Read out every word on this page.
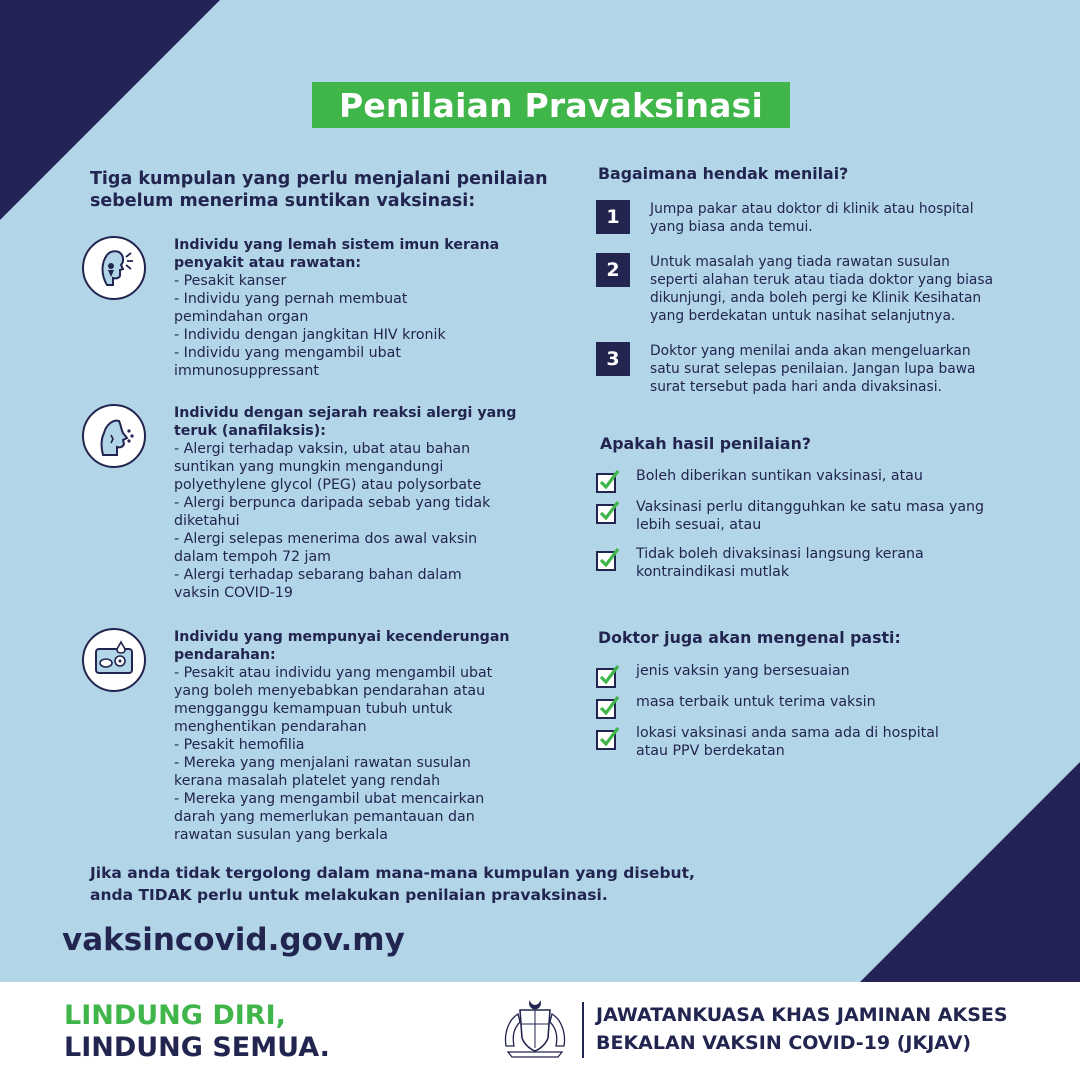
Penilaian Pravaksinasi
Tiga kumpulan yang perlu menjalani penilaian
sebelum menerima suntikan vaksinasi:
Individu yang lemah sistem imun kerana
penyakit atau rawatan:
- Pesakit kanser
- Individu yang pernah membuat
pemindahan organ
- Individu dengan jangkitan HIV kronik
- Individu yang mengambil ubat
immunosuppressant
Individu dengan sejarah reaksi alergi yang
teruk (anafilaksis):
- Alergi terhadap vaksin, ubat atau bahan
suntikan yang mungkin mengandungi
polyethylene glycol (PEG) atau polysorbate
- Alergi berpunca daripada sebab yang tidak
diketahui
- Alergi selepas menerima dos awal vaksin
dalam tempoh 72 jam
- Alergi terhadap sebarang bahan dalam
vaksin COVID-19
Individu yang mempunyai kecenderungan
pendarahan:
- Pesakit atau individu yang mengambil ubat
yang boleh menyebabkan pendarahan atau
mengganggu kemampuan tubuh untuk
menghentikan pendarahan
- Pesakit hemofilia
- Mereka yang menjalani rawatan susulan
kerana masalah platelet yang rendah
- Mereka yang mengambil ubat mencairkan
darah yang memerlukan pemantauan dan
rawatan susulan yang berkala
Jika anda tidak tergolong dalam mana-mana kumpulan yang disebut,
anda TIDAK perlu untuk melakukan penilaian pravaksinasi.
vaksincovid.gov.my
Bagaimana hendak menilai?
1	Jumpa pakar atau doktor di klinik atau hospital
yang biasa anda temui.
2	Untuk masalah yang tiada rawatan susulan
seperti alahan teruk atau tiada doktor yang biasa
dikunjungi, anda boleh pergi ke Klinik Kesihatan
yang berdekatan untuk nasihat selanjutnya.
3	Doktor yang menilai anda akan mengeluarkan
satu surat selepas penilaian. Jangan lupa bawa
surat tersebut pada hari anda divaksinasi.
Apakah hasil penilaian?
Boleh diberikan suntikan vaksinasi, atau
Vaksinasi perlu ditangguhkan ke satu masa yang
lebih sesuai, atau
Tidak boleh divaksinasi langsung kerana
kontraindikasi mutlak
Doktor juga akan mengenal pasti:
jenis vaksin yang bersesuaian
masa terbaik untuk terima vaksin
lokasi vaksinasi anda sama ada di hospital
atau PPV berdekatan
LINDUNG DIRI,
LINDUNG SEMUA.
JAWATANKUASA KHAS JAMINAN AKSES
BEKALAN VAKSIN COVID-19 (JKJAV)
